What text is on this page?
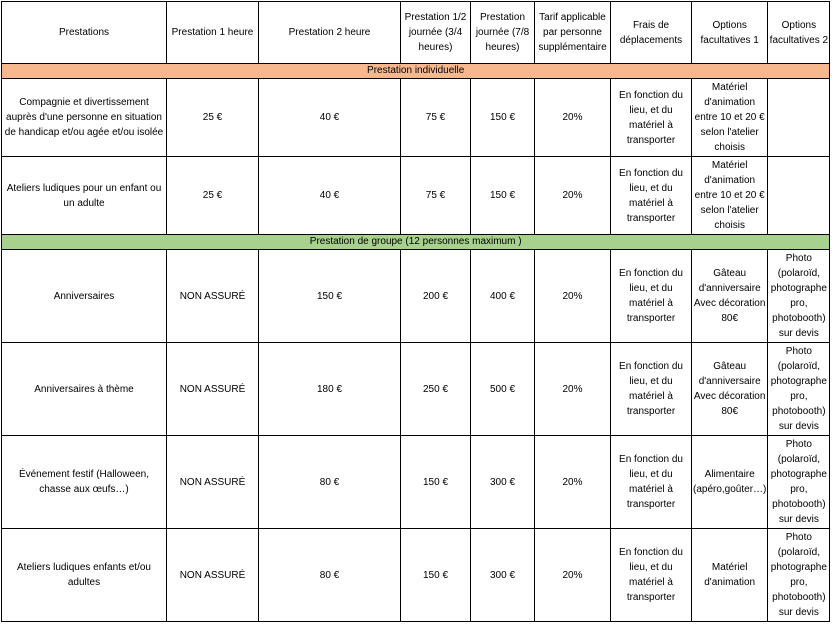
Prestations	Prestation 1 heure	Prestation 2 heure	Prestation 1/2 journée (3/4 heures)	Prestation journée (7/8 heures)	Tarif applicable par personne supplémentaire	Frais de déplacements	Options facultatives 1	Options facultatives 2
Prestation individuelle								
Compagnie et divertissement auprès d'une personne en situation de handicap et/ou agée et/ou isolée	25 €	40 €	75 €	150 €	20%	En fonction du lieu, et du matériel à transporter	Matériel d'animation entre 10 et 20 € selon l'atelier choisis	
Ateliers ludiques pour un enfant ou un adulte	25 €	40 €	75 €	150 €	20%	En fonction du lieu, et du matériel à transporter	Matériel d'animation entre 10 et 20 € selon l'atelier choisis	
Prestation de groupe (12 personnes maximum )								
Anniversaires	NON ASSURÉ	150 €	200 €	400 €	20%	En fonction du lieu, et du matériel à transporter	Gâteau d'anniversaire Avec décoration 80€	Photo (polaroïd, photographe pro, photobooth) sur devis
Anniversaires à thème	NON ASSURÉ	180 €	250 €	500 €	20%	En fonction du lieu, et du matériel à transporter	Gâteau d'anniversaire Avec décoration 80€	Photo (polaroïd, photographe pro, photobooth) sur devis
Événement festif (Halloween, chasse aux œufs…)	NON ASSURÉ	80 €	150 €	300 €	20%	En fonction du lieu, et du matériel à transporter	Alimentaire (apéro,goûter…)	Photo (polaroïd, photographe pro, photobooth) sur devis
Ateliers ludiques enfants et/ou adultes	NON ASSURÉ	80 €	150 €	300 €	20%	En fonction du lieu, et du matériel à transporter	Matériel d'animation	Photo (polaroïd, photographe pro, photobooth) sur devis
